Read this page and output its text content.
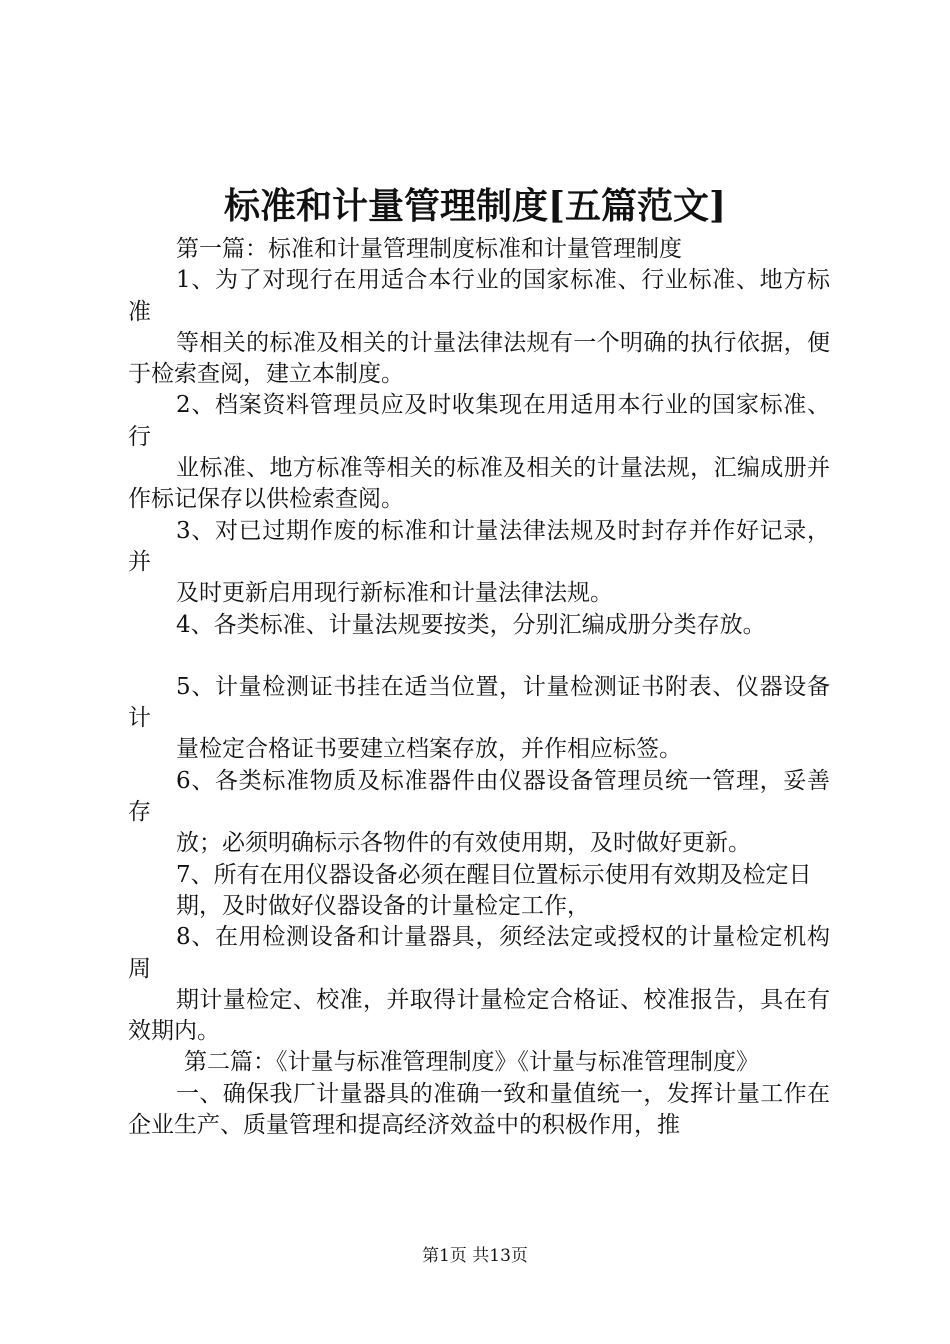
标准和计量管理制度[五篇范文]

第一篇：标准和计量管理制度标准和计量管理制度

1、为了对现行在用适合本行业的国家标准、行业标准、地方标准

等相关的标准及相关的计量法律法规有一个明确的执行依据，便于检索查阅，建立本制度。

2、档案资料管理员应及时收集现在用适用本行业的国家标准、行

业标准、地方标准等相关的标准及相关的计量法规，汇编成册并作标记保存以供检索查阅。

3、对已过期作废的标准和计量法律法规及时封存并作好记录，并

及时更新启用现行新标准和计量法律法规。

4、各类标准、计量法规要按类，分别汇编成册分类存放。

5、计量检测证书挂在适当位置，计量检测证书附表、仪器设备计

量检定合格证书要建立档案存放，并作相应标签。

6、各类标准物质及标准器件由仪器设备管理员统一管理，妥善存

放；必须明确标示各物件的有效使用期，及时做好更新。

7、所有在用仪器设备必须在醒目位置标示使用有效期及检定日

期，及时做好仪器设备的计量检定工作，

8、在用检测设备和计量器具，须经法定或授权的计量检定机构周

期计量检定、校准，并取得计量检定合格证、校准报告，具在有效期内。

第二篇：《计量与标准管理制度》《计量与标准管理制度》

一、确保我厂计量器具的准确一致和量值统一，发挥计量工作在企业生产、质量管理和提高经济效益中的积极作用，推

第1页 共13页
